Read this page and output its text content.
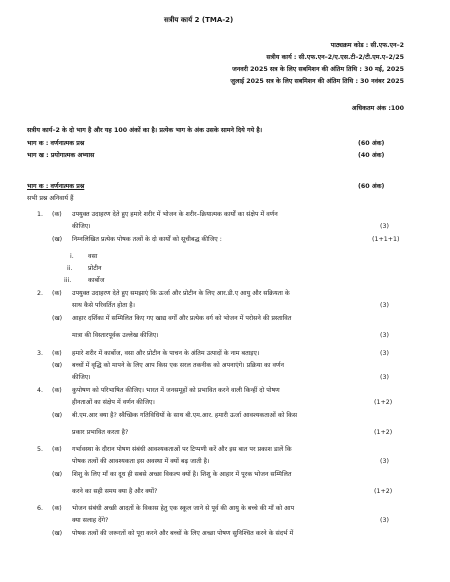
सत्रीय कार्य 2 (TMA-2)
पाठ्यक्रम कोड : सी.एफ.एन–2
सत्रीय कार्य : सी.एफ.एन–2/ए.एस.टी–2/टी.एम.ए–2/25
जनवरी 2025 सत्र के लिए सबमिशन की अंतिम तिथि : 30 मई, 2025
जुलाई 2025 सत्र के लिए सबमिशन की अंतिम तिथि : 30 नवंबर 2025
अधिकतम अंक :100
सत्रीय कार्य–2 के दो भाग है और यह 100 अंकों का है। प्रत्येक भाग के अंक उसके सामने दिये गये है।
भाग क : वर्णनात्मक प्रश्न	(60 अंक)
भाग ख : प्रयोगात्मक अभ्यास	(40 अंक)
भाग क : वर्णनात्मक प्रश्न	(60 अंक)
सभी प्रश्न अनिवार्य हैं
1. (क) उपयुक्त उदाहरण देते हुए हमारे शरीर में भोजन के शरीर–क्रियात्मक कार्यों का संक्षेप में वर्णन
कीजिए।	(3)
(ख) निम्नलिखित प्रत्येक पोषक तत्वों के दो कार्यों को सूचीबद्ध कीजिए :	(1+1+1)
i. वसा
ii. प्रोटीन
iii.	कार्बोज
2. (क) उपयुक्त उदाहरण देते हुए समझाएं कि ऊर्जा और प्रोटीन के लिए आर.डी.ए आयु और सक्रियता के
साथ कैसे परिवर्तित होता है।	(3)
(ख) आहार दर्शिका में सम्मिलित किए गए खाद्य वर्गों और प्रत्येक वर्ग को भोजन में परोसने की प्रस्तावित
मात्रा की विस्तारपूर्वक उल्लेख कीजिए।	(3)
3. (क) हमारे शरीर में कार्बोज, वसा और प्रोटीन के पाचन के अंतिम उत्पादों के नाम बताइए।	(3)
(ख) बच्चों में वृद्धि को मापने के लिए आप किस एक सरल तकनीक को अपनाएंगे। प्रक्रिया का वर्णन
कीजिए।	(3)
4. (क) कुपोषण को परिभाषित कीजिए। भारत में जनसमूहों को प्रभावित करने वाली किन्हीं दो पोषण
हीनताओं का संक्षेप में वर्णन कीजिए।	(1+2)
(ख) बी.एम.आर क्या है? स्वैच्छिक गतिविधियों के साथ बी.एम.आर. हमारी ऊर्जा आवश्यकताओं को किस
प्रकार प्रभावित करता है?	(1+2)
5. (क) गर्भावस्था के दौरान पोषण संबंधी आवश्यकताओं पर टिप्पणी करें और इस बात पर प्रकाश डालें कि
पोषक तत्वों की आवश्यकता इस अवस्था में क्यों बढ़ जाती है।	(3)
(ख) शिशु के लिए माँ का दूध ही सबसे अच्छा विकल्प क्यों है। शिशु के आहार में पूरक भोजन सम्मिलित
करने का सही समय क्या है और क्यों?	(1+2)
6. (क) भोजन संबंधी अच्छी आदतों के विकास हेतु एक स्कूल जाने से पूर्व की आयु के बच्चे की माँ को आप
क्या सलाह देंगे?	(3)
(ख) पोषक तत्वों की जरूरतों को पूरा करने और बच्चों के लिए अच्छा पोषण सुनिश्चित करने के संदर्भ में
